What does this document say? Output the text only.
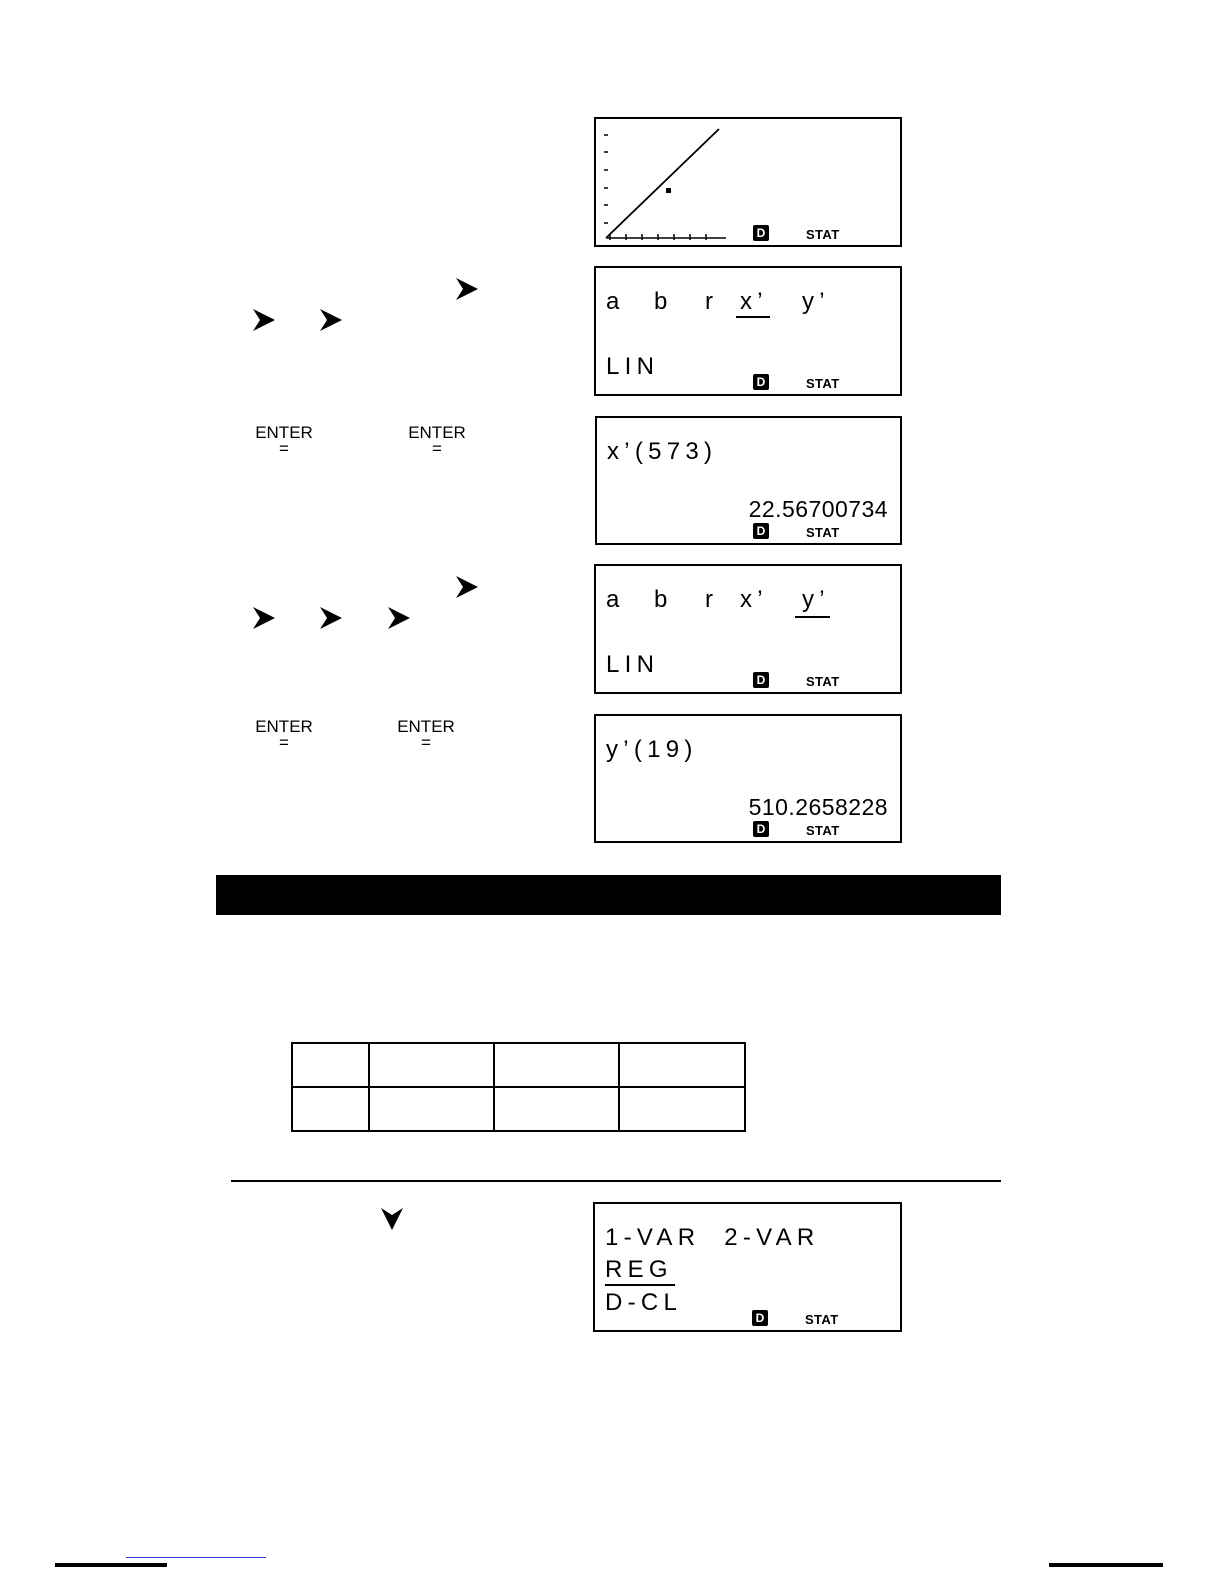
D	STAT
a b r x’ y’
LIN
D	STAT
x’(573)
22.56700734
D	STAT
a b r x’ y’
LIN
D	STAT
y’(19)
510.2658228
D	STAT
ENTER
=
ENTER
=
ENTER
=
ENTER
=

1-VAR  2-VAR
REG
D-CL
D	STAT
